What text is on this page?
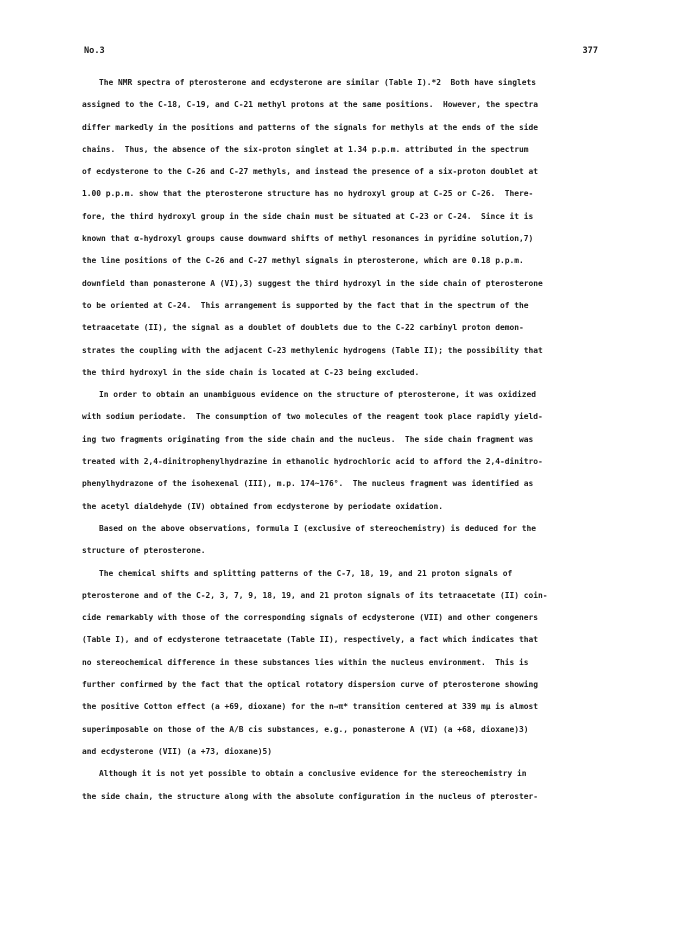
No.3	377
The NMR spectra of pterosterone and ecdysterone are similar (Table I).*2  Both have singlets
assigned to the C-18, C-19, and C-21 methyl protons at the same positions.  However, the spectra
differ markedly in the positions and patterns of the signals for methyls at the ends of the side
chains.  Thus, the absence of the six-proton singlet at 1.34 p.p.m. attributed in the spectrum
of ecdysterone to the C-26 and C-27 methyls, and instead the presence of a six-proton doublet at
1.00 p.p.m. show that the pterosterone structure has no hydroxyl group at C-25 or C-26.  There-
fore, the third hydroxyl group in the side chain must be situated at C-23 or C-24.  Since it is
known that α-hydroxyl groups cause downward shifts of methyl resonances in pyridine solution,7)
the line positions of the C-26 and C-27 methyl signals in pterosterone, which are 0.18 p.p.m.
downfield than ponasterone A (VI),3) suggest the third hydroxyl in the side chain of pterosterone
to be oriented at C-24.  This arrangement is supported by the fact that in the spectrum of the
tetraacetate (II), the signal as a doublet of doublets due to the C-22 carbinyl proton demon-
strates the coupling with the adjacent C-23 methylenic hydrogens (Table II); the possibility that
the third hydroxyl in the side chain is located at C-23 being excluded.
In order to obtain an unambiguous evidence on the structure of pterosterone, it was oxidized
with sodium periodate.  The consumption of two molecules of the reagent took place rapidly yield-
ing two fragments originating from the side chain and the nucleus.  The side chain fragment was
treated with 2,4-dinitrophenylhydrazine in ethanolic hydrochloric acid to afford the 2,4-dinitro-
phenylhydrazone of the isohexenal (III), m.p. 174~176°.  The nucleus fragment was identified as
the acetyl dialdehyde (IV) obtained from ecdysterone by periodate oxidation.
Based on the above observations, formula I (exclusive of stereochemistry) is deduced for the
structure of pterosterone.
The chemical shifts and splitting patterns of the C-7, 18, 19, and 21 proton signals of
pterosterone and of the C-2, 3, 7, 9, 18, 19, and 21 proton signals of its tetraacetate (II) coin-
cide remarkably with those of the corresponding signals of ecdysterone (VII) and other congeners
(Table I), and of ecdysterone tetraacetate (Table II), respectively, a fact which indicates that
no stereochemical difference in these substances lies within the nucleus environment.  This is
further confirmed by the fact that the optical rotatory dispersion curve of pterosterone showing
the positive Cotton effect (a +69, dioxane) for the n→π* transition centered at 339 mμ is almost
superimposable on those of the A/B cis substances, e.g., ponasterone A (VI) (a +68, dioxane)3)
and ecdysterone (VII) (a +73, dioxane)5)
Although it is not yet possible to obtain a conclusive evidence for the stereochemistry in
the side chain, the structure along with the absolute configuration in the nucleus of pteroster-
